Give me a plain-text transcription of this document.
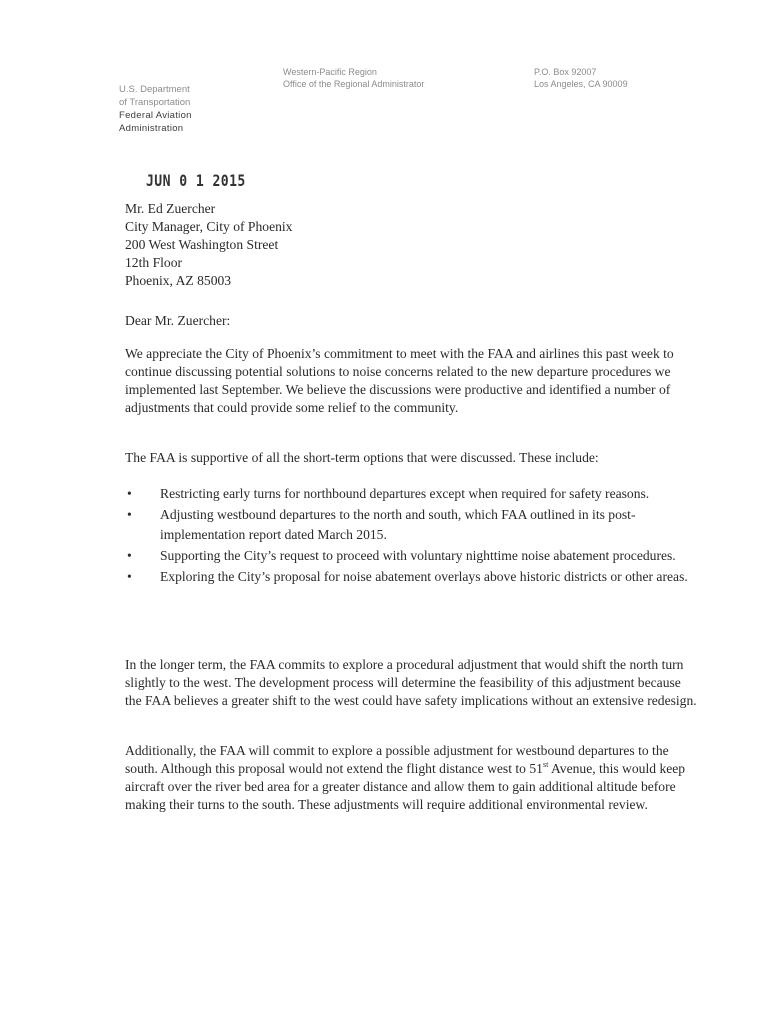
U.S. Department
of Transportation
Federal Aviation
Administration
Western-Pacific Region
Office of the Regional Administrator
P.O. Box 92007
Los Angeles, CA 90009
JUN 0 1 2015
Mr. Ed Zuercher
City Manager, City of Phoenix
200 West Washington Street
12th Floor
Phoenix, AZ 85003

Dear Mr. Zuercher:

We appreciate the City of Phoenix’s commitment to meet with the FAA and airlines this past week to continue discussing potential solutions to noise concerns related to the new departure procedures we implemented last September. We believe the discussions were productive and identified a number of adjustments that could provide some relief to the community.

The FAA is supportive of all the short-term options that were discussed. These include:

• Restricting early turns for northbound departures except when required for safety reasons.
• Adjusting westbound departures to the north and south, which FAA outlined in its post-implementation report dated March 2015.
• Supporting the City’s request to proceed with voluntary nighttime noise abatement procedures.
• Exploring the City’s proposal for noise abatement overlays above historic districts or other areas.

In the longer term, the FAA commits to explore a procedural adjustment that would shift the north turn slightly to the west. The development process will determine the feasibility of this adjustment because the FAA believes a greater shift to the west could have safety implications without an extensive redesign.

Additionally, the FAA will commit to explore a possible adjustment for westbound departures to the south. Although this proposal would not extend the flight distance west to 51st Avenue, this would keep aircraft over the river bed area for a greater distance and allow them to gain additional altitude before making their turns to the south. These adjustments will require additional environmental review.
